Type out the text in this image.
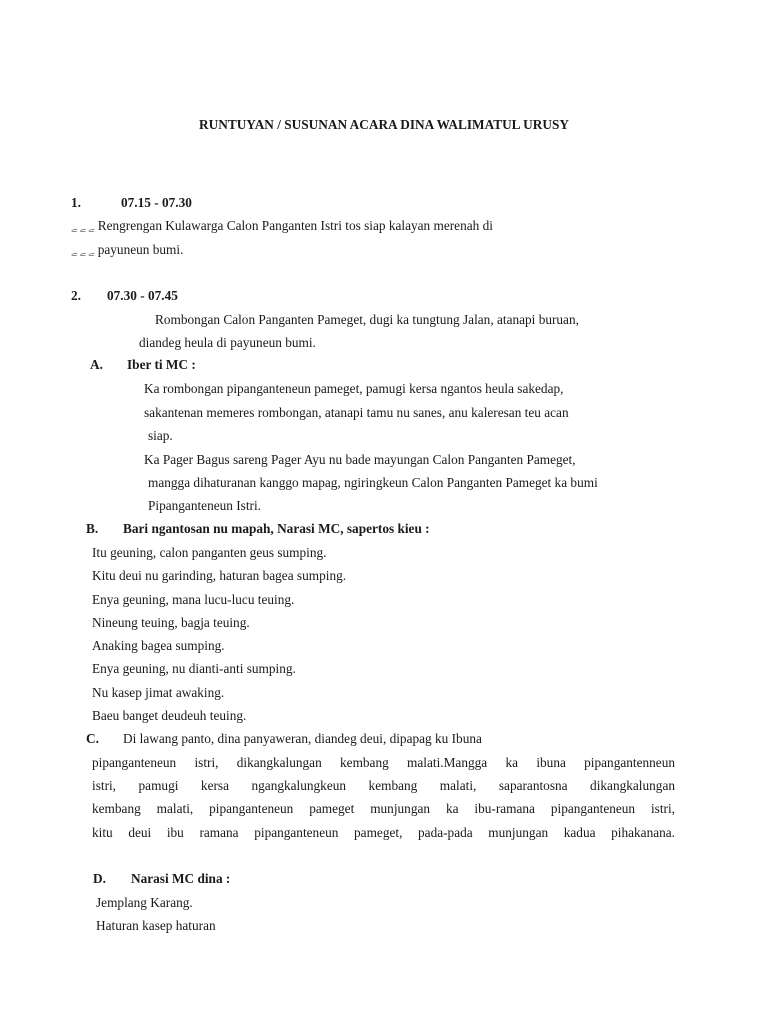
RUNTUYAN / SUSUNAN ACARA DINA WALIMATUL URUSY
1.	07.15 - 07.30
ﮯ ﮯ ﮯ Rengrengan Kulawarga Calon Panganten Istri tos siap kalayan merenah di
ﮯ ﮯ ﮯ payuneun bumi.
2. 07.30 - 07.45
Rombongan Calon Panganten Pameget, dugi ka tungtung Jalan, atanapi buruan,
diandeg heula di payuneun bumi.
A. Iber ti MC :
Ka rombongan pipanganteneun pameget, pamugi kersa ngantos heula sakedap,
sakantenan memeres rombongan, atanapi tamu nu sanes, anu kaleresan teu acan
siap.
Ka Pager Bagus sareng Pager Ayu nu bade mayungan Calon Panganten Pameget,
mangga dihaturanan kanggo mapag, ngiringkeun Calon Panganten Pameget ka bumi
Pipanganteneun Istri.
B. Bari ngantosan nu mapah, Narasi MC, sapertos kieu :
Itu geuning, calon panganten geus sumping.
Kitu deui nu garinding, haturan bagea sumping.
Enya geuning, mana lucu-lucu teuing.
Nineung teuing, bagja teuing.
Anaking bagea sumping.
Enya geuning, nu dianti-anti sumping.
Nu kasep jimat awaking.
Baeu banget deudeuh teuing.
C. Di lawang panto, dina panyaweran, diandeg deui, dipapag ku Ibuna
pipanganteneun istri, dikangkalungan kembang malati.Mangga ka ibuna pipangantenneun
istri, pamugi kersa ngangkalungkeun kembang malati, saparantosna dikangkalungan
kembang malati, pipanganteneun pameget munjungan ka ibu-ramana pipanganteneun istri,
kitu deui ibu ramana pipanganteneun pameget, pada-pada munjungan kadua pihakanana.
D. Narasi MC dina :
Jemplang Karang.
Haturan kasep haturan
